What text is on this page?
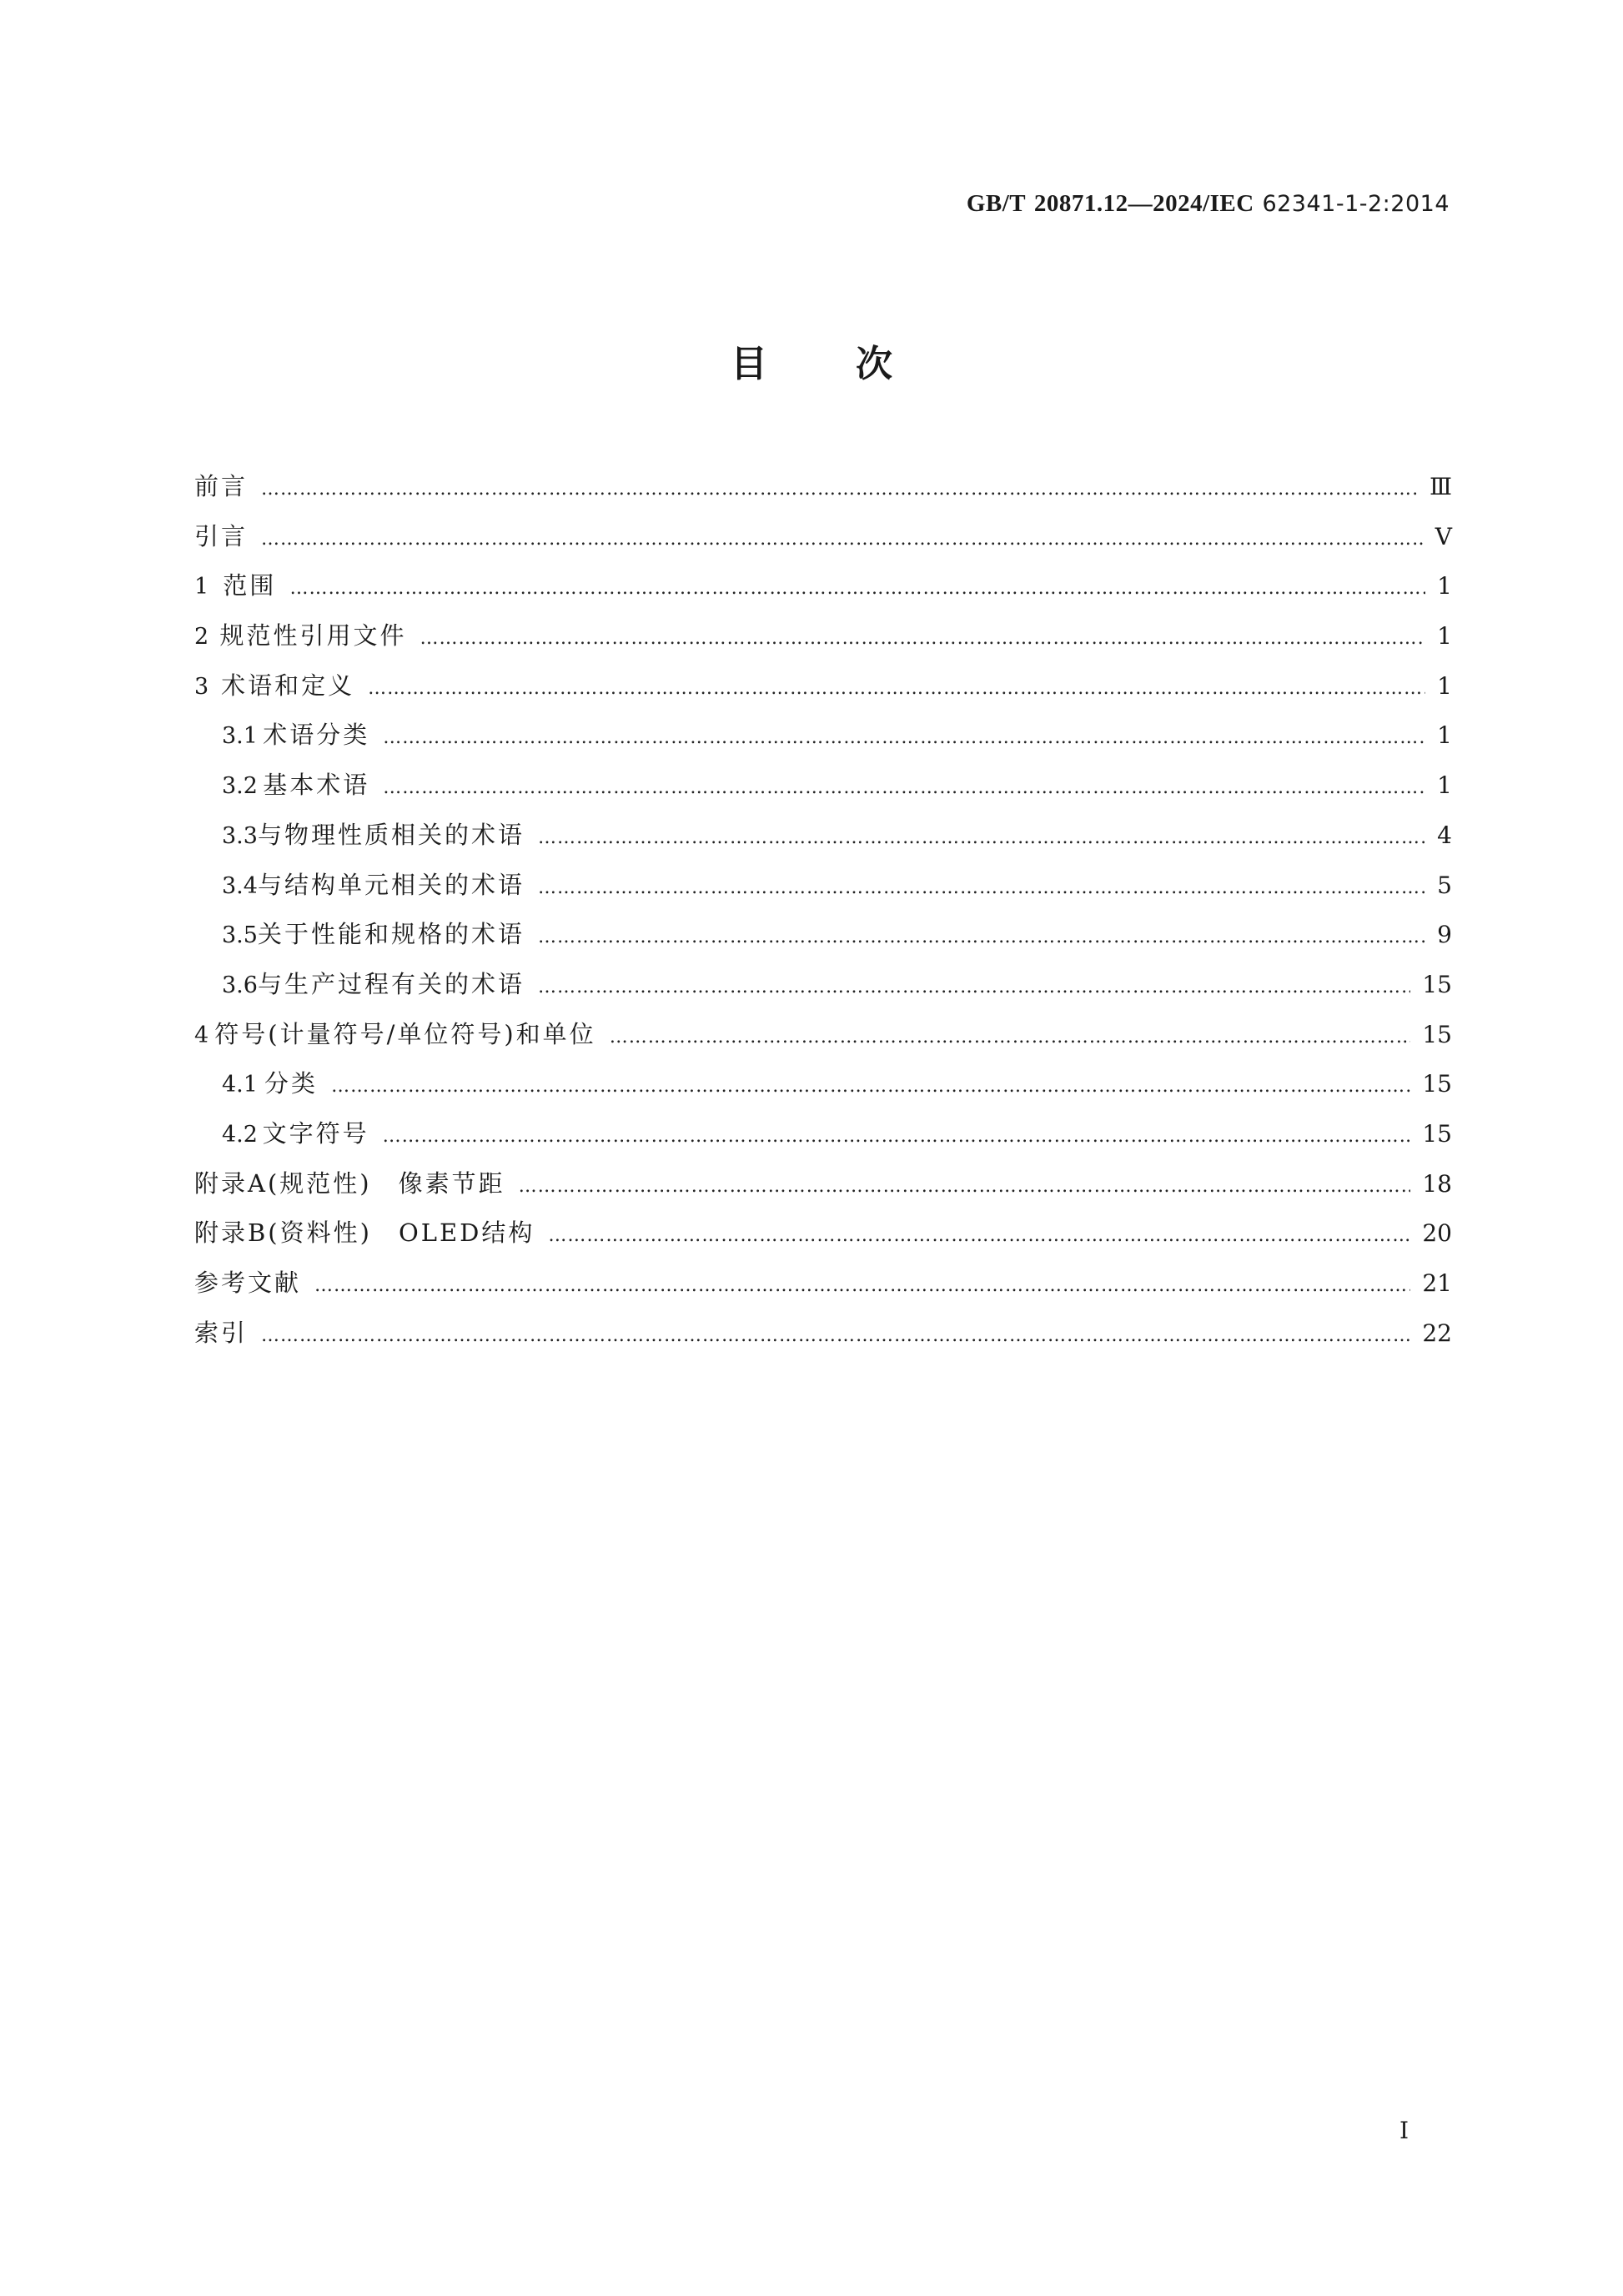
GB/T 20871.12—2024/IEC 62341-1-2:2014
目次
前言 ……………………………………………………………………………………………………………………………………………………………………………………………………………………………………	Ⅲ
引言 ……………………………………………………………………………………………………………………………………………………………………………………………………………………………………	Ⅴ
1 范围 ……………………………………………………………………………………………………………………………………………………………………………………………………………………………………	1
2 规范性引用文件 ……………………………………………………………………………………………………………………………………………………………………………………………………………………………………	1
3 术语和定义 ……………………………………………………………………………………………………………………………………………………………………………………………………………………………………	1
3.1 术语分类 ……………………………………………………………………………………………………………………………………………………………………………………………………………………………………	1
3.2 基本术语 ……………………………………………………………………………………………………………………………………………………………………………………………………………………………………	1
3.3 与物理性质相关的术语 ……………………………………………………………………………………………………………………………………………………………………………………………………………………………………	4
3.4 与结构单元相关的术语 ……………………………………………………………………………………………………………………………………………………………………………………………………………………………………	5
3.5 关于性能和规格的术语 ……………………………………………………………………………………………………………………………………………………………………………………………………………………………………	9
3.6 与生产过程有关的术语 ……………………………………………………………………………………………………………………………………………………………………………………………………………………………………	15
4 符号(计量符号/单位符号)和单位 ……………………………………………………………………………………………………………………………………………………………………………………………………………………………………	15
4.1 分类 ……………………………………………………………………………………………………………………………………………………………………………………………………………………………………	15
4.2 文字符号 ……………………………………………………………………………………………………………………………………………………………………………………………………………………………………	15
附录A(规范性)　像素节距 ……………………………………………………………………………………………………………………………………………………………………………………………………………………………………	18
附录B(资料性)　OLED结构 ……………………………………………………………………………………………………………………………………………………………………………………………………………………………………	20
参考文献 ……………………………………………………………………………………………………………………………………………………………………………………………………………………………………	21
索引 ……………………………………………………………………………………………………………………………………………………………………………………………………………………………………	22
Ⅰ
